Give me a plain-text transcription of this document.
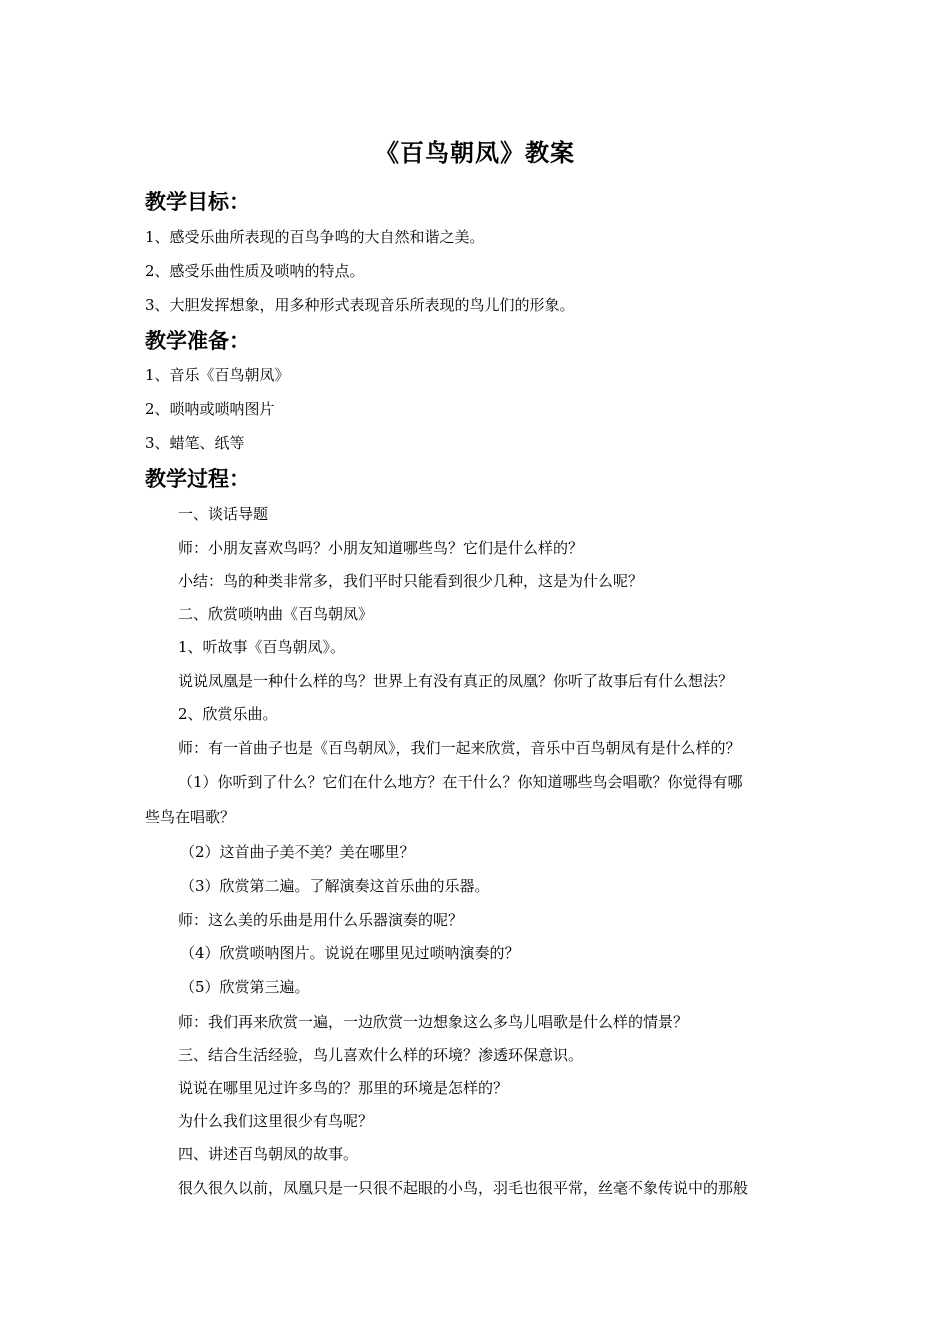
《百鸟朝凤》教案
教学目标：
1、感受乐曲所表现的百鸟争鸣的大自然和谐之美。
2、感受乐曲性质及唢呐的特点。
3、大胆发挥想象，用多种形式表现音乐所表现的鸟儿们的形象。
教学准备：
1、音乐《百鸟朝凤》
2、唢呐或唢呐图片
3、蜡笔、纸等
教学过程：
一、谈话导题
师：小朋友喜欢鸟吗？小朋友知道哪些鸟？它们是什么样的？
小结：鸟的种类非常多，我们平时只能看到很少几种，这是为什么呢？
二、欣赏唢呐曲《百鸟朝凤》
1、听故事《百鸟朝凤》。
说说凤凰是一种什么样的鸟？世界上有没有真正的凤凰？你听了故事后有什么想法？
2、欣赏乐曲。
师：有一首曲子也是《百鸟朝凤》，我们一起来欣赏，音乐中百鸟朝凤有是什么样的？
（1）你听到了什么？它们在什么地方？在干什么？你知道哪些鸟会唱歌？你觉得有哪
些鸟在唱歌？
（2）这首曲子美不美？美在哪里？
（3）欣赏第二遍。了解演奏这首乐曲的乐器。
师：这么美的乐曲是用什么乐器演奏的呢？
（4）欣赏唢呐图片。说说在哪里见过唢呐演奏的？
（5）欣赏第三遍。
师：我们再来欣赏一遍，一边欣赏一边想象这么多鸟儿唱歌是什么样的情景？
三、结合生活经验，鸟儿喜欢什么样的环境？渗透环保意识。
说说在哪里见过许多鸟的？那里的环境是怎样的？
为什么我们这里很少有鸟呢？
四、讲述百鸟朝凤的故事。
很久很久以前，凤凰只是一只很不起眼的小鸟，羽毛也很平常，丝毫不象传说中的那般
